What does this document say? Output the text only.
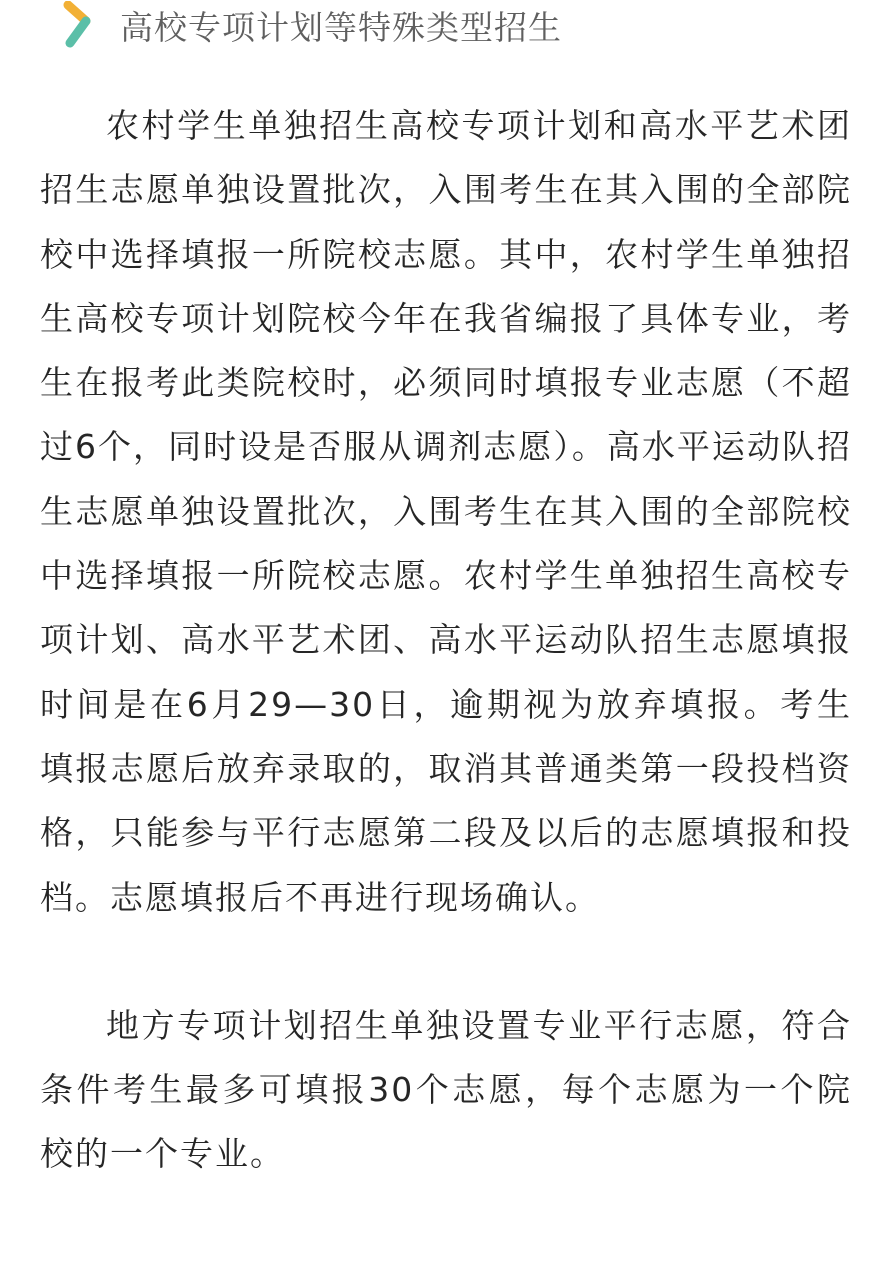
高校专项计划等特殊类型招生

农村学生单独招生高校专项计划和高水平艺术团招生志愿单独设置批次，入围考生在其入围的全部院校中选择填报一所院校志愿。其中，农村学生单独招生高校专项计划院校今年在我省编报了具体专业，考生在报考此类院校时，必须同时填报专业志愿（不超过6个，同时设是否服从调剂志愿）。高水平运动队招生志愿单独设置批次，入围考生在其入围的全部院校中选择填报一所院校志愿。农村学生单独招生高校专项计划、高水平艺术团、高水平运动队招生志愿填报时间是在6月29—30日，逾期视为放弃填报。考生填报志愿后放弃录取的，取消其普通类第一段投档资格，只能参与平行志愿第二段及以后的志愿填报和投档。志愿填报后不再进行现场确认。

地方专项计划招生单独设置专业平行志愿，符合条件考生最多可填报30个志愿，每个志愿为一个院校的一个专业。
